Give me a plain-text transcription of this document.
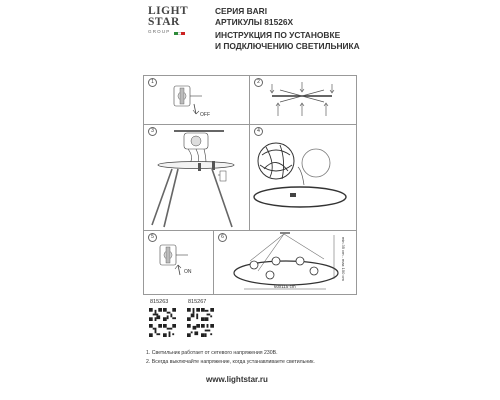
LIGHT
STAR
GROUP
СЕРИЯ BARI
АРТИКУЛЫ 81526X
ИНСТРУКЦИЯ ПО УСТАНОВКЕ
И ПОДКЛЮЧЕНИЮ СВЕТИЛЬНИКА
1
OFF
2
3	4
5
ON
6	min 35 cm - max 150 cm
60x115 cm
815263	815267
1. Светильник работает от сетевого напряжения 230В.
2. Всегда выключайте напряжение, когда устанавливаете светильник.
www.lightstar.ru
